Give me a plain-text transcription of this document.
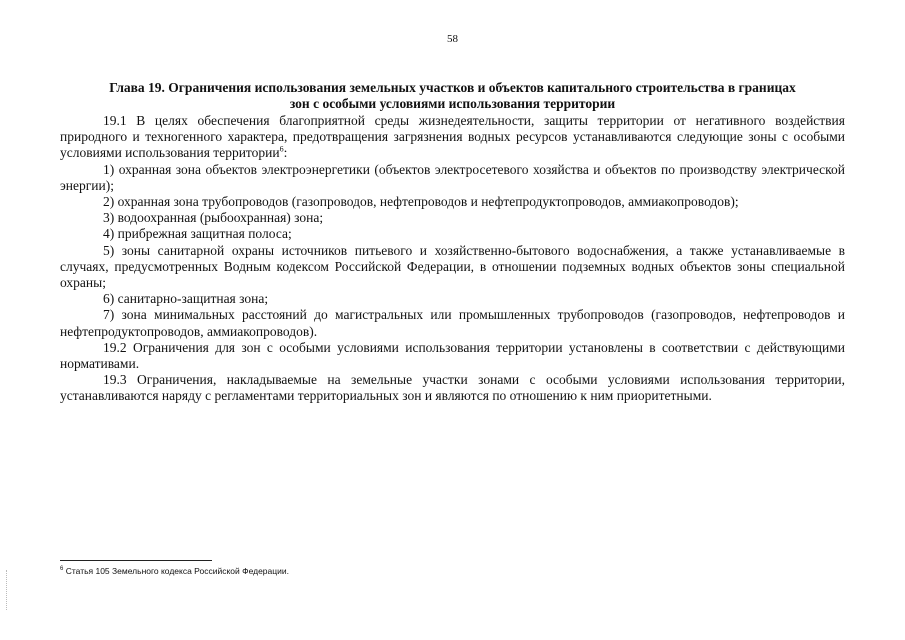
58
Глава 19. Ограничения использования земельных участков и объектов капитального строительства в границах
зон с особыми условиями использования территории

19.1 В целях обеспечения благоприятной среды жизнедеятельности, защиты территории от негативного воздействия природного и техногенного характера, предотвращения загрязнения водных ресурсов устанавливаются следующие зоны с особыми условиями использования территории$^6$:

1) охранная зона объектов электроэнергетики (объектов электросетевого хозяйства и объектов по производству электрической энергии);

2) охранная зона трубопроводов (газопроводов, нефтепроводов и нефтепродуктопроводов, аммиакопроводов);

3) водоохранная (рыбоохранная) зона;

4) прибрежная защитная полоса;

5) зоны санитарной охраны источников питьевого и хозяйственно-бытового водоснабжения, а также устанавливаемые в случаях, предусмотренных Водным кодексом Российской Федерации, в отношении подземных водных объектов зоны специальной охраны;

6) санитарно-защитная зона;

7) зона минимальных расстояний до магистральных или промышленных трубопроводов (газопроводов, нефтепроводов и нефтепродуктопроводов, аммиакопроводов).

19.2 Ограничения для зон с особыми условиями использования территории установлены в соответствии с действующими нормативами.

19.3 Ограничения, накладываемые на земельные участки зонами с особыми условиями использования территории, устанавливаются наряду с регламентами территориальных зон и являются по отношению к ним приоритетными.

$^6$ Статья 105 Земельного кодекса Российской Федерации.
